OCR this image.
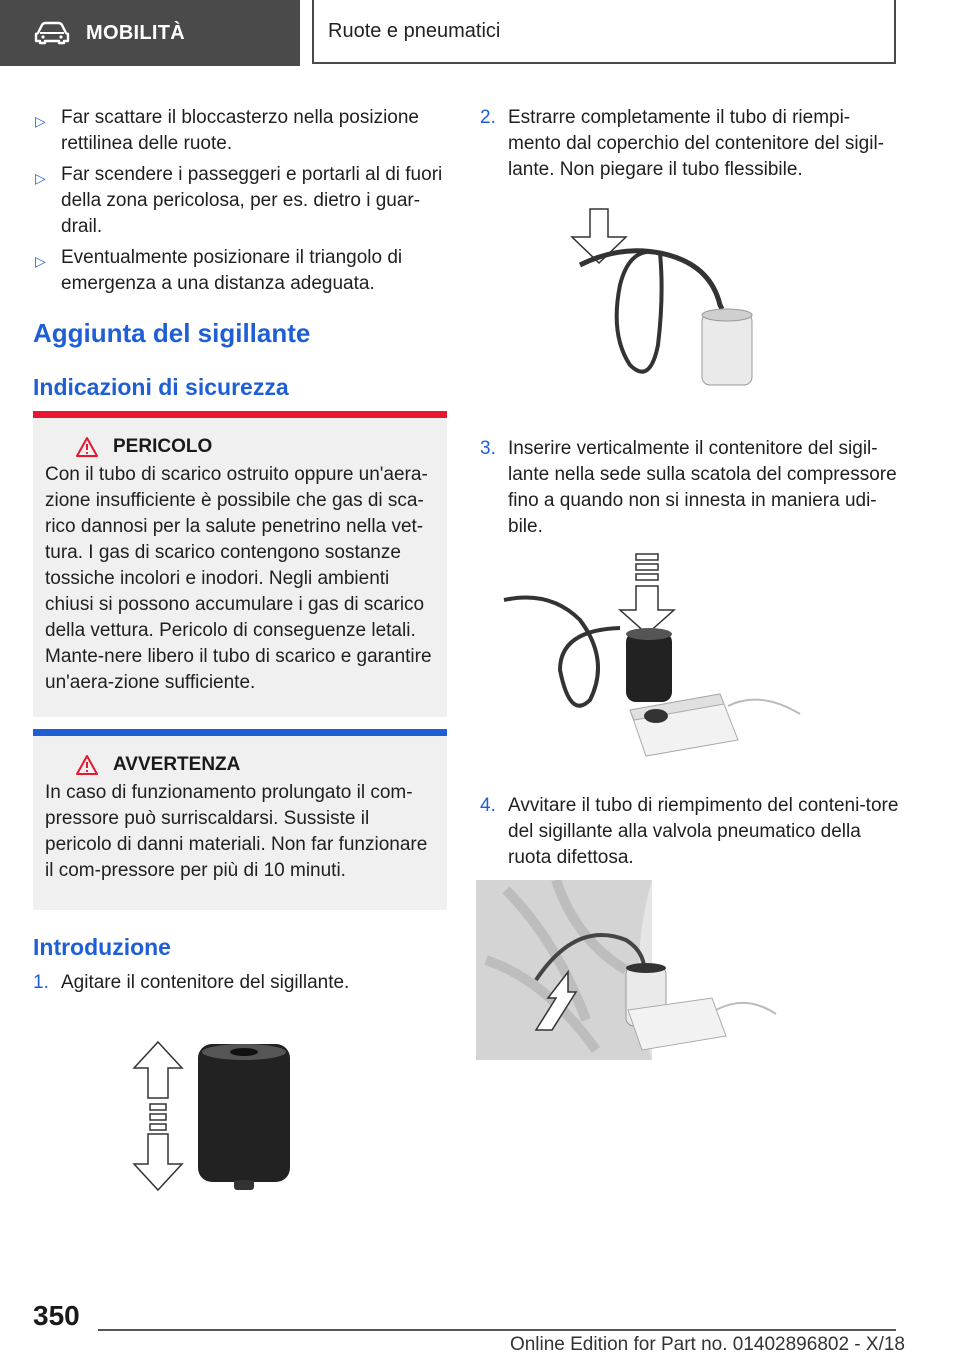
MOBILITÀ	Ruote e pneumatici
▷ Far scattare il bloccasterzo nella posizione rettilinea delle ruote.
▷ Far scendere i passeggeri e portarli al di fuori della zona pericolosa, per es. dietro i guar-drail.
▷ Eventualmente posizionare il triangolo di emergenza a una distanza adeguata.
Aggiunta del sigillante
Indicazioni di sicurezza
PERICOLO
Con il tubo di scarico ostruito oppure un'aera-zione insufficiente è possibile che gas di sca-rico dannosi per la salute penetrino nella vet-tura. I gas di scarico contengono sostanze tossiche incolori e inodori. Negli ambienti chiusi si possono accumulare i gas di scarico della vettura. Pericolo di conseguenze letali. Mante-nere libero il tubo di scarico e garantire un'aera-zione sufficiente.
AVVERTENZA
In caso di funzionamento prolungato il com-pressore può surriscaldarsi. Sussiste il pericolo di danni materiali. Non far funzionare il com-pressore per più di 10 minuti.
Introduzione
1. Agitare il contenitore del sigillante.
2. Estrarre completamente il tubo di riempi-mento dal coperchio del contenitore del sigil-lante. Non piegare il tubo flessibile.
3. Inserire verticalmente il contenitore del sigil-lante nella sede sulla scatola del compressore fino a quando non si innesta in maniera udi-bile.
4. Avvitare il tubo di riempimento del conteni-tore del sigillante alla valvola pneumatico della ruota difettosa.
350
Online Edition for Part no. 01402896802 - X/18
